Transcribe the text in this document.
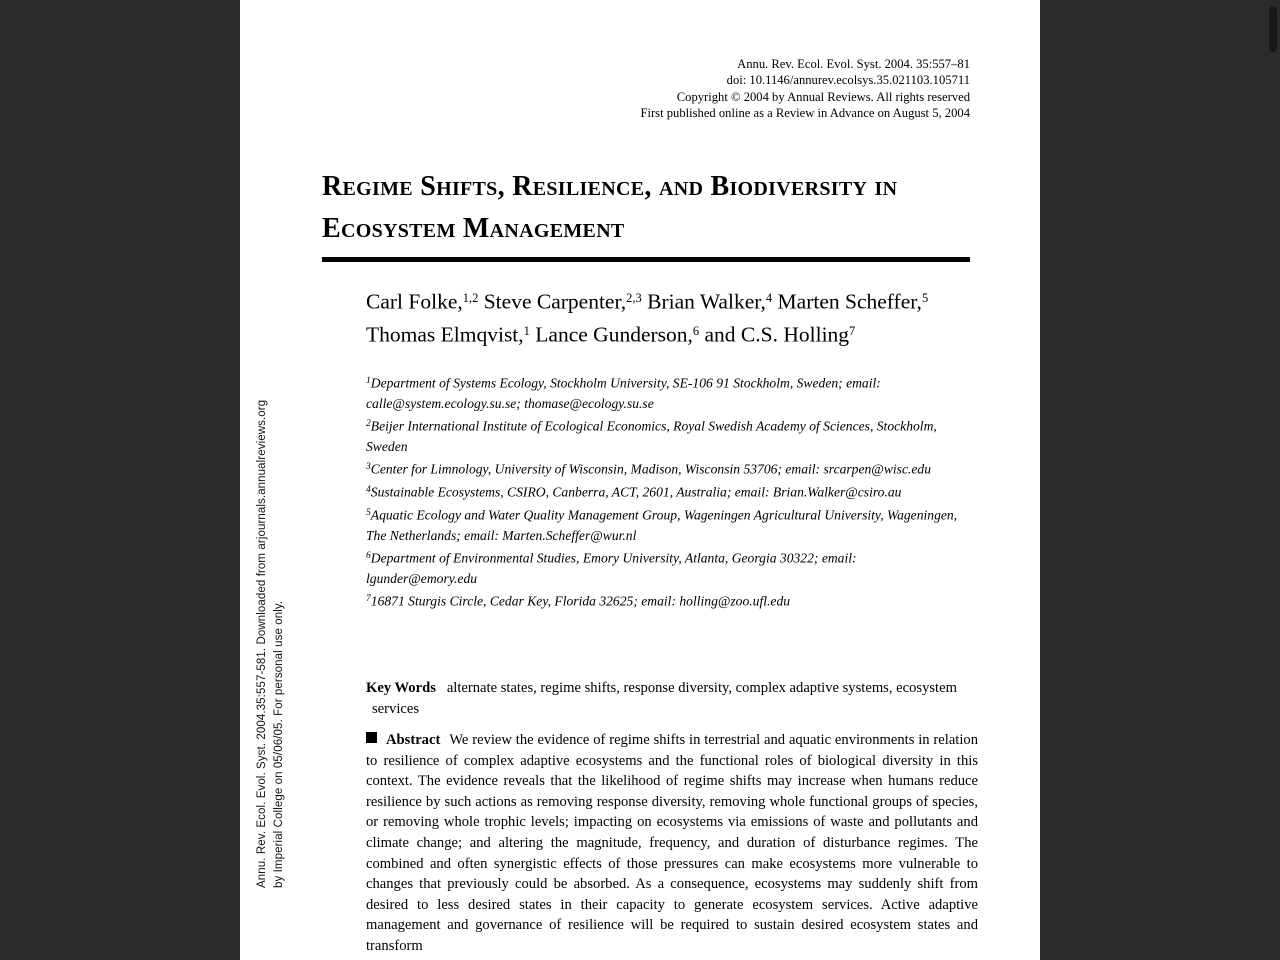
Annu. Rev. Ecol. Evol. Syst. 2004.35:557-581. Downloaded from arjournals.annualreviews.org by Imperial College on 05/06/05. For personal use only.
Annu. Rev. Ecol. Evol. Syst. 2004. 35:557–81
doi: 10.1146/annurev.ecolsys.35.021103.105711
Copyright © 2004 by Annual Reviews. All rights reserved
First published online as a Review in Advance on August 5, 2004
Regime Shifts, Resilience, and Biodiversity in Ecosystem Management
Carl Folke,$^{1,2}$ Steve Carpenter,$^{2,3}$ Brian Walker,$^4$ Marten Scheffer,$^5$ Thomas Elmqvist,$^1$ Lance Gunderson,$^6$ and C.S. Holling$^7$

$^1$Department of Systems Ecology, Stockholm University, SE-106 91 Stockholm, Sweden; email: calle@system.ecology.su.se; thomase@ecology.su.se

$^2$Beijer International Institute of Ecological Economics, Royal Swedish Academy of Sciences, Stockholm, Sweden

$^3$Center for Limnology, University of Wisconsin, Madison, Wisconsin 53706; email: srcarpen@wisc.edu

$^4$Sustainable Ecosystems, CSIRO, Canberra, ACT, 2601, Australia; email: Brian.Walker@csiro.au

$^5$Aquatic Ecology and Water Quality Management Group, Wageningen Agricultural University, Wageningen, The Netherlands; email: Marten.Scheffer@wur.nl

$^6$Department of Environmental Studies, Emory University, Atlanta, Georgia 30322; email: lgunder@emory.edu

$^7$16871 Sturgis Circle, Cedar Key, Florida 32625; email: holling@zoo.ufl.edu

Key Words alternate states, regime shifts, response diversity, complex adaptive systems, ecosystem services
Abstract We review the evidence of regime shifts in terrestrial and aquatic environments in relation to resilience of complex adaptive ecosystems and the functional roles of biological diversity in this context. The evidence reveals that the likelihood of regime shifts may increase when humans reduce resilience by such actions as removing response diversity, removing whole functional groups of species, or removing whole trophic levels; impacting on ecosystems via emissions of waste and pollutants and climate change; and altering the magnitude, frequency, and duration of disturbance regimes. The combined and often synergistic effects of those pressures can make ecosystems more vulnerable to changes that previously could be absorbed. As a consequence, ecosystems may suddenly shift from desired to less desired states in their capacity to generate ecosystem services. Active adaptive management and governance of resilience will be required to sustain desired ecosystem states and transform
